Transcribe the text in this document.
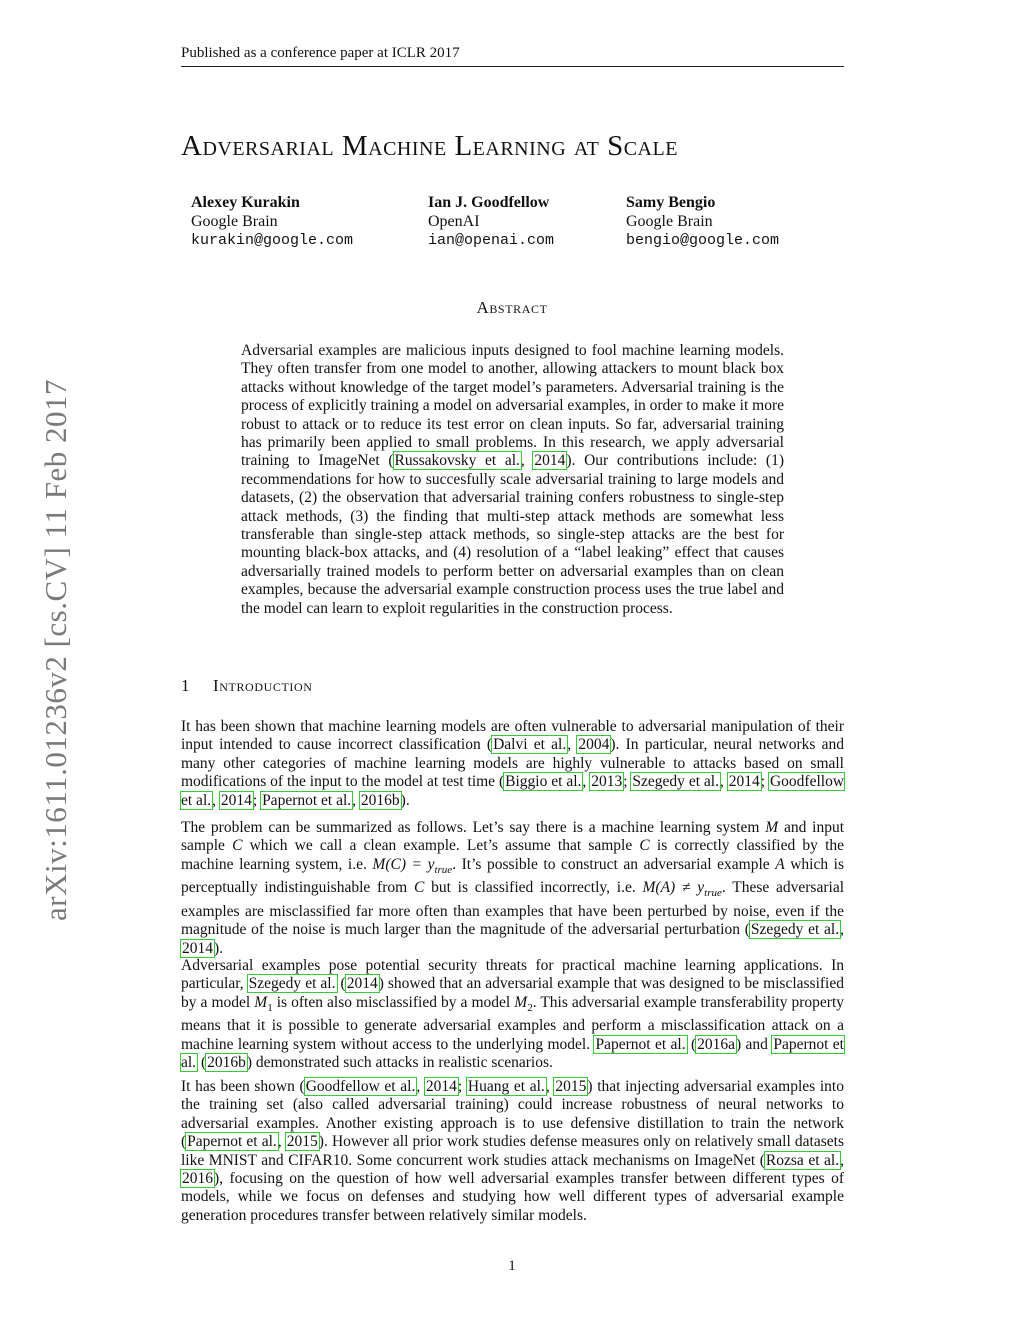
Published as a conference paper at ICLR 2017
Adversarial Machine Learning at Scale
Alexey Kurakin
Google Brain
kurakin@google.com
Ian J. Goodfellow
OpenAI
ian@openai.com
Samy Bengio
Google Brain
bengio@google.com
Abstract
Adversarial examples are malicious inputs designed to fool machine learning models. They often transfer from one model to another, allowing attackers to mount black box attacks without knowledge of the target model’s parameters. Adversarial training is the process of explicitly training a model on adversarial examples, in order to make it more robust to attack or to reduce its test error on clean inputs. So far, adversarial training has primarily been applied to small problems. In this research, we apply adversarial training to ImageNet (Russakovsky et al., 2014). Our contributions include: (1) recommendations for how to succesfully scale adversarial training to large models and datasets, (2) the observation that adversarial training confers robustness to single-step attack methods, (3) the finding that multi-step attack methods are somewhat less transferable than single-step attack methods, so single-step attacks are the best for mounting black-box attacks, and (4) resolution of a “label leaking” effect that causes adversarially trained models to perform better on adversarial examples than on clean examples, because the adversarial example construction process uses the true label and the model can learn to exploit regularities in the construction process.
1 Introduction
It has been shown that machine learning models are often vulnerable to adversarial manipulation of their input intended to cause incorrect classification (Dalvi et al., 2004). In particular, neural networks and many other categories of machine learning models are highly vulnerable to attacks based on small modifications of the input to the model at test time (Biggio et al., 2013; Szegedy et al., 2014; Goodfellow et al., 2014; Papernot et al., 2016b).
The problem can be summarized as follows. Let’s say there is a machine learning system M and input sample C which we call a clean example. Let’s assume that sample C is correctly classified by the machine learning system, i.e. $M(C) = y_{true}$. It’s possible to construct an adversarial example A which is perceptually indistinguishable from C but is classified incorrectly, i.e. $M(A) \ne y_{true}$. These adversarial examples are misclassified far more often than examples that have been perturbed by noise, even if the magnitude of the noise is much larger than the magnitude of the adversarial perturbation (Szegedy et al., 2014).
Adversarial examples pose potential security threats for practical machine learning applications. In particular, Szegedy et al. (2014) showed that an adversarial example that was designed to be misclassified by a model $M_1$ is often also misclassified by a model $M_2$. This adversarial example transferability property means that it is possible to generate adversarial examples and perform a misclassification attack on a machine learning system without access to the underlying model. Papernot et al. (2016a) and Papernot et al. (2016b) demonstrated such attacks in realistic scenarios.
It has been shown (Goodfellow et al., 2014; Huang et al., 2015) that injecting adversarial examples into the training set (also called adversarial training) could increase robustness of neural networks to adversarial examples. Another existing approach is to use defensive distillation to train the network (Papernot et al., 2015). However all prior work studies defense measures only on relatively small datasets like MNIST and CIFAR10. Some concurrent work studies attack mechanisms on ImageNet (Rozsa et al., 2016), focusing on the question of how well adversarial examples transfer between different types of models, while we focus on defenses and studying how well different types of adversarial example generation procedures transfer between relatively similar models.
arXiv:1611.01236v2 [cs.CV] 11 Feb 2017
1
